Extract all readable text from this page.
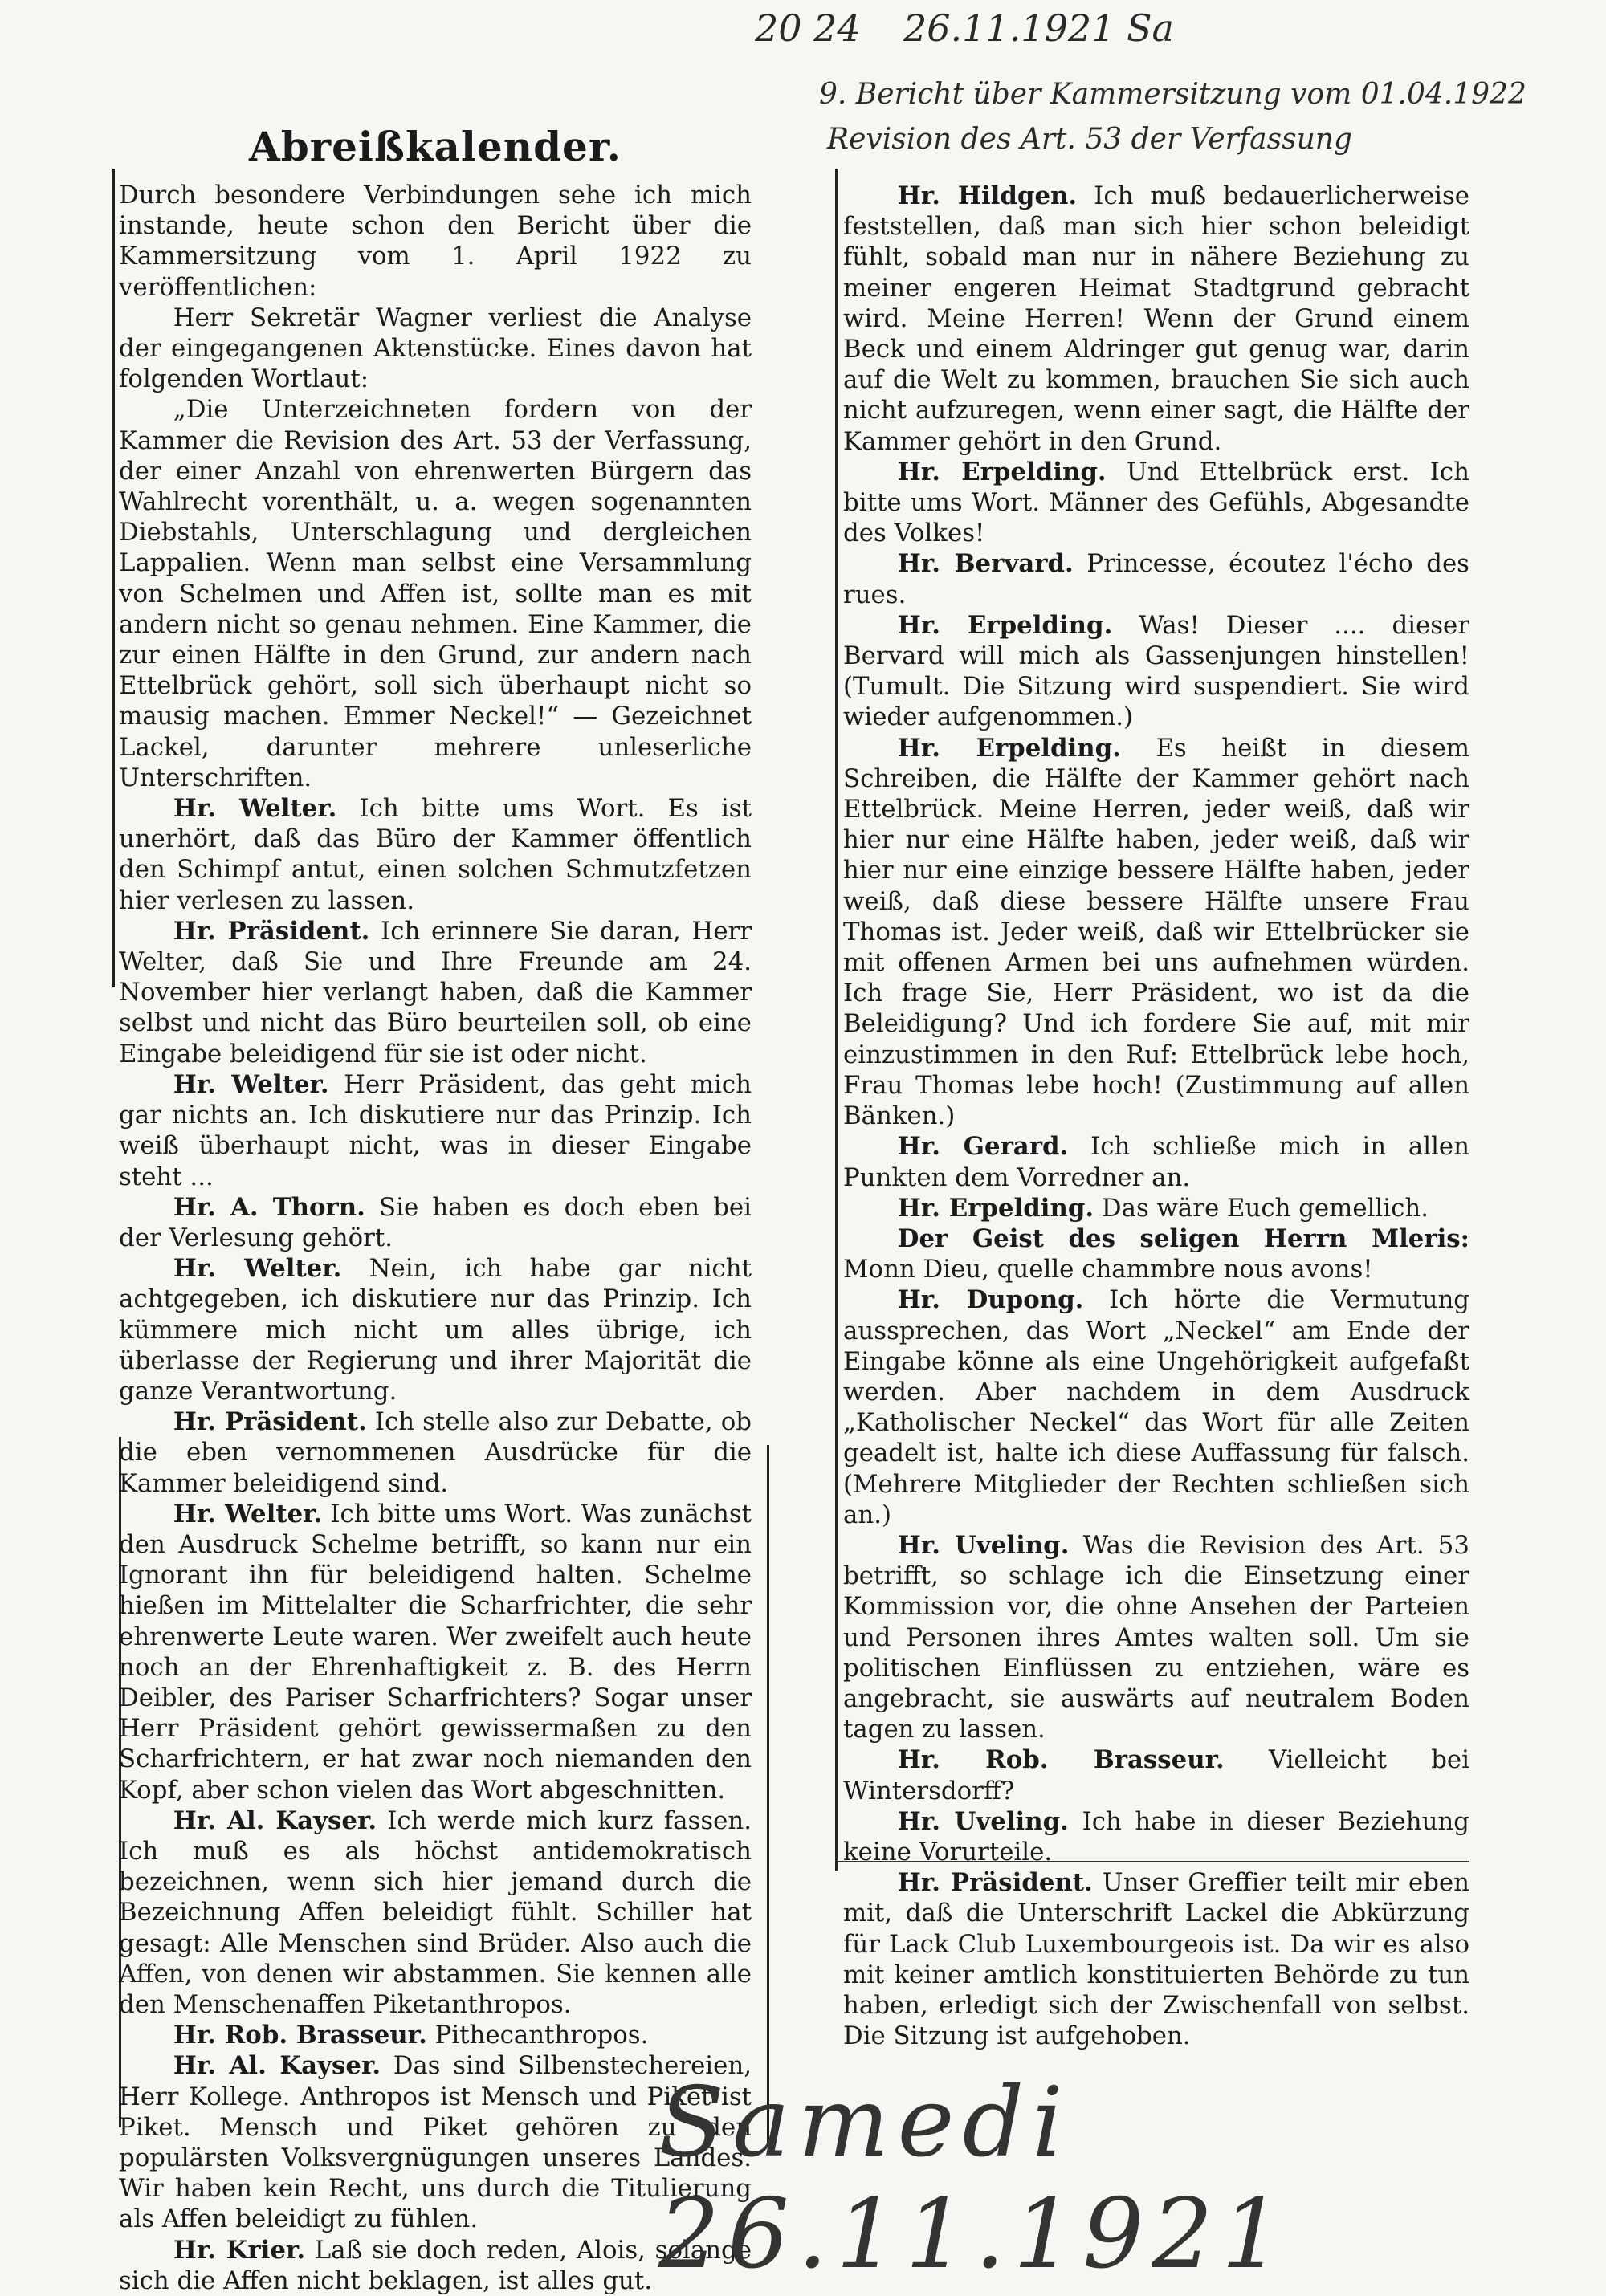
20 24 26.11.1921 Sa
9. Bericht über Kammersitzung vom 01.04.1922
Revision des Art. 53 der Verfassung
Abreißkalender.

Durch besondere Verbindungen sehe ich mich instande, heute schon den Bericht über die Kammersitzung vom 1. April 1922 zu veröffentlichen:

Herr Sekretär Wagner verliest die Analyse der eingegangenen Aktenstücke. Eines davon hat folgenden Wortlaut:

„Die Unterzeichneten fordern von der Kammer die Revision des Art. 53 der Verfassung, der einer Anzahl von ehrenwerten Bürgern das Wahlrecht vorenthält, u. a. wegen sogenannten Diebstahls, Unterschlagung und dergleichen Lappalien. Wenn man selbst eine Versammlung von Schelmen und Affen ist, sollte man es mit andern nicht so genau nehmen. Eine Kammer, die zur einen Hälfte in den Grund, zur andern nach Ettelbrück gehört, soll sich überhaupt nicht so mausig machen. Emmer Neckel!“ — Gezeichnet Lackel, darunter mehrere unleserliche Unterschriften.

Hr. Welter. Ich bitte ums Wort. Es ist unerhört, daß das Büro der Kammer öffentlich den Schimpf antut, einen solchen Schmutzfetzen hier verlesen zu lassen.

Hr. Präsident. Ich erinnere Sie daran, Herr Welter, daß Sie und Ihre Freunde am 24. November hier verlangt haben, daß die Kammer selbst und nicht das Büro beurteilen soll, ob eine Eingabe beleidigend für sie ist oder nicht.

Hr. Welter. Herr Präsident, das geht mich gar nichts an. Ich diskutiere nur das Prinzip. Ich weiß überhaupt nicht, was in dieser Eingabe steht ...

Hr. A. Thorn. Sie haben es doch eben bei der Verlesung gehört.

Hr. Welter. Nein, ich habe gar nicht achtgegeben, ich diskutiere nur das Prinzip. Ich kümmere mich nicht um alles übrige, ich überlasse der Regierung und ihrer Majorität die ganze Verantwortung.

Hr. Präsident. Ich stelle also zur Debatte, ob die eben vernommenen Ausdrücke für die Kammer beleidigend sind.

Hr. Welter. Ich bitte ums Wort. Was zunächst den Ausdruck Schelme betrifft, so kann nur ein Ignorant ihn für beleidigend halten. Schelme hießen im Mittelalter die Scharfrichter, die sehr ehrenwerte Leute waren. Wer zweifelt auch heute noch an der Ehrenhaftigkeit z. B. des Herrn Deibler, des Pariser Scharfrichters? Sogar unser Herr Präsident gehört gewissermaßen zu den Scharfrichtern, er hat zwar noch niemanden den Kopf, aber schon vielen das Wort abgeschnitten.

Hr. Al. Kayser. Ich werde mich kurz fassen. Ich muß es als höchst antidemokratisch bezeichnen, wenn sich hier jemand durch die Bezeichnung Affen beleidigt fühlt. Schiller hat gesagt: Alle Menschen sind Brüder. Also auch die Affen, von denen wir abstammen. Sie kennen alle den Menschenaffen Piketanthropos.

Hr. Rob. Brasseur. Pithecanthropos.

Hr. Al. Kayser. Das sind Silbenstechereien, Herr Kollege. Anthropos ist Mensch und Piket ist Piket. Mensch und Piket gehören zu den populärsten Volksvergnügungen unseres Landes. Wir haben kein Recht, uns durch die Titulierung als Affen beleidigt zu fühlen.

Hr. Krier. Laß sie doch reden, Alois, solange sich die Affen nicht beklagen, ist alles gut.

Hr. Hildgen. Ich muß bedauerlicherweise feststellen, daß man sich hier schon beleidigt fühlt, sobald man nur in nähere Beziehung zu meiner engeren Heimat Stadtgrund gebracht wird. Meine Herren! Wenn der Grund einem Beck und einem Aldringer gut genug war, darin auf die Welt zu kommen, brauchen Sie sich auch nicht aufzuregen, wenn einer sagt, die Hälfte der Kammer gehört in den Grund.

Hr. Erpelding. Und Ettelbrück erst. Ich bitte ums Wort. Männer des Gefühls, Abgesandte des Volkes!

Hr. Bervard. Princesse, écoutez l'écho des rues.

Hr. Erpelding. Was! Dieser .... dieser Bervard will mich als Gassenjungen hinstellen! (Tumult. Die Sitzung wird suspendiert. Sie wird wieder aufgenommen.)

Hr. Erpelding. Es heißt in diesem Schreiben, die Hälfte der Kammer gehört nach Ettelbrück. Meine Herren, jeder weiß, daß wir hier nur eine Hälfte haben, jeder weiß, daß wir hier nur eine einzige bessere Hälfte haben, jeder weiß, daß diese bessere Hälfte unsere Frau Thomas ist. Jeder weiß, daß wir Ettelbrücker sie mit offenen Armen bei uns aufnehmen würden. Ich frage Sie, Herr Präsident, wo ist da die Beleidigung? Und ich fordere Sie auf, mit mir einzustimmen in den Ruf: Ettelbrück lebe hoch, Frau Thomas lebe hoch! (Zustimmung auf allen Bänken.)

Hr. Gerard. Ich schließe mich in allen Punkten dem Vorredner an.

Hr. Erpelding. Das wäre Euch gemellich.

Der Geist des seligen Herrn Mleris: Monn Dieu, quelle chammbre nous avons!

Hr. Dupong. Ich hörte die Vermutung aussprechen, das Wort „Neckel“ am Ende der Eingabe könne als eine Ungehörigkeit aufgefaßt werden. Aber nachdem in dem Ausdruck „Katholischer Neckel“ das Wort für alle Zeiten geadelt ist, halte ich diese Auffassung für falsch. (Mehrere Mitglieder der Rechten schließen sich an.)

Hr. Uveling. Was die Revision des Art. 53 betrifft, so schlage ich die Einsetzung einer Kommission vor, die ohne Ansehen der Parteien und Personen ihres Amtes walten soll. Um sie politischen Einflüssen zu entziehen, wäre es angebracht, sie auswärts auf neutralem Boden tagen zu lassen.

Hr. Rob. Brasseur. Vielleicht bei Wintersdorff?

Hr. Uveling. Ich habe in dieser Beziehung keine Vorurteile.

Hr. Präsident. Unser Greffier teilt mir eben mit, daß die Unterschrift Lackel die Abkürzung für Lack Club Luxembourgeois ist. Da wir es also mit keiner amtlich konstituierten Behörde zu tun haben, erledigt sich der Zwischenfall von selbst. Die Sitzung ist aufgehoben.

Samedi 26.11.1921
